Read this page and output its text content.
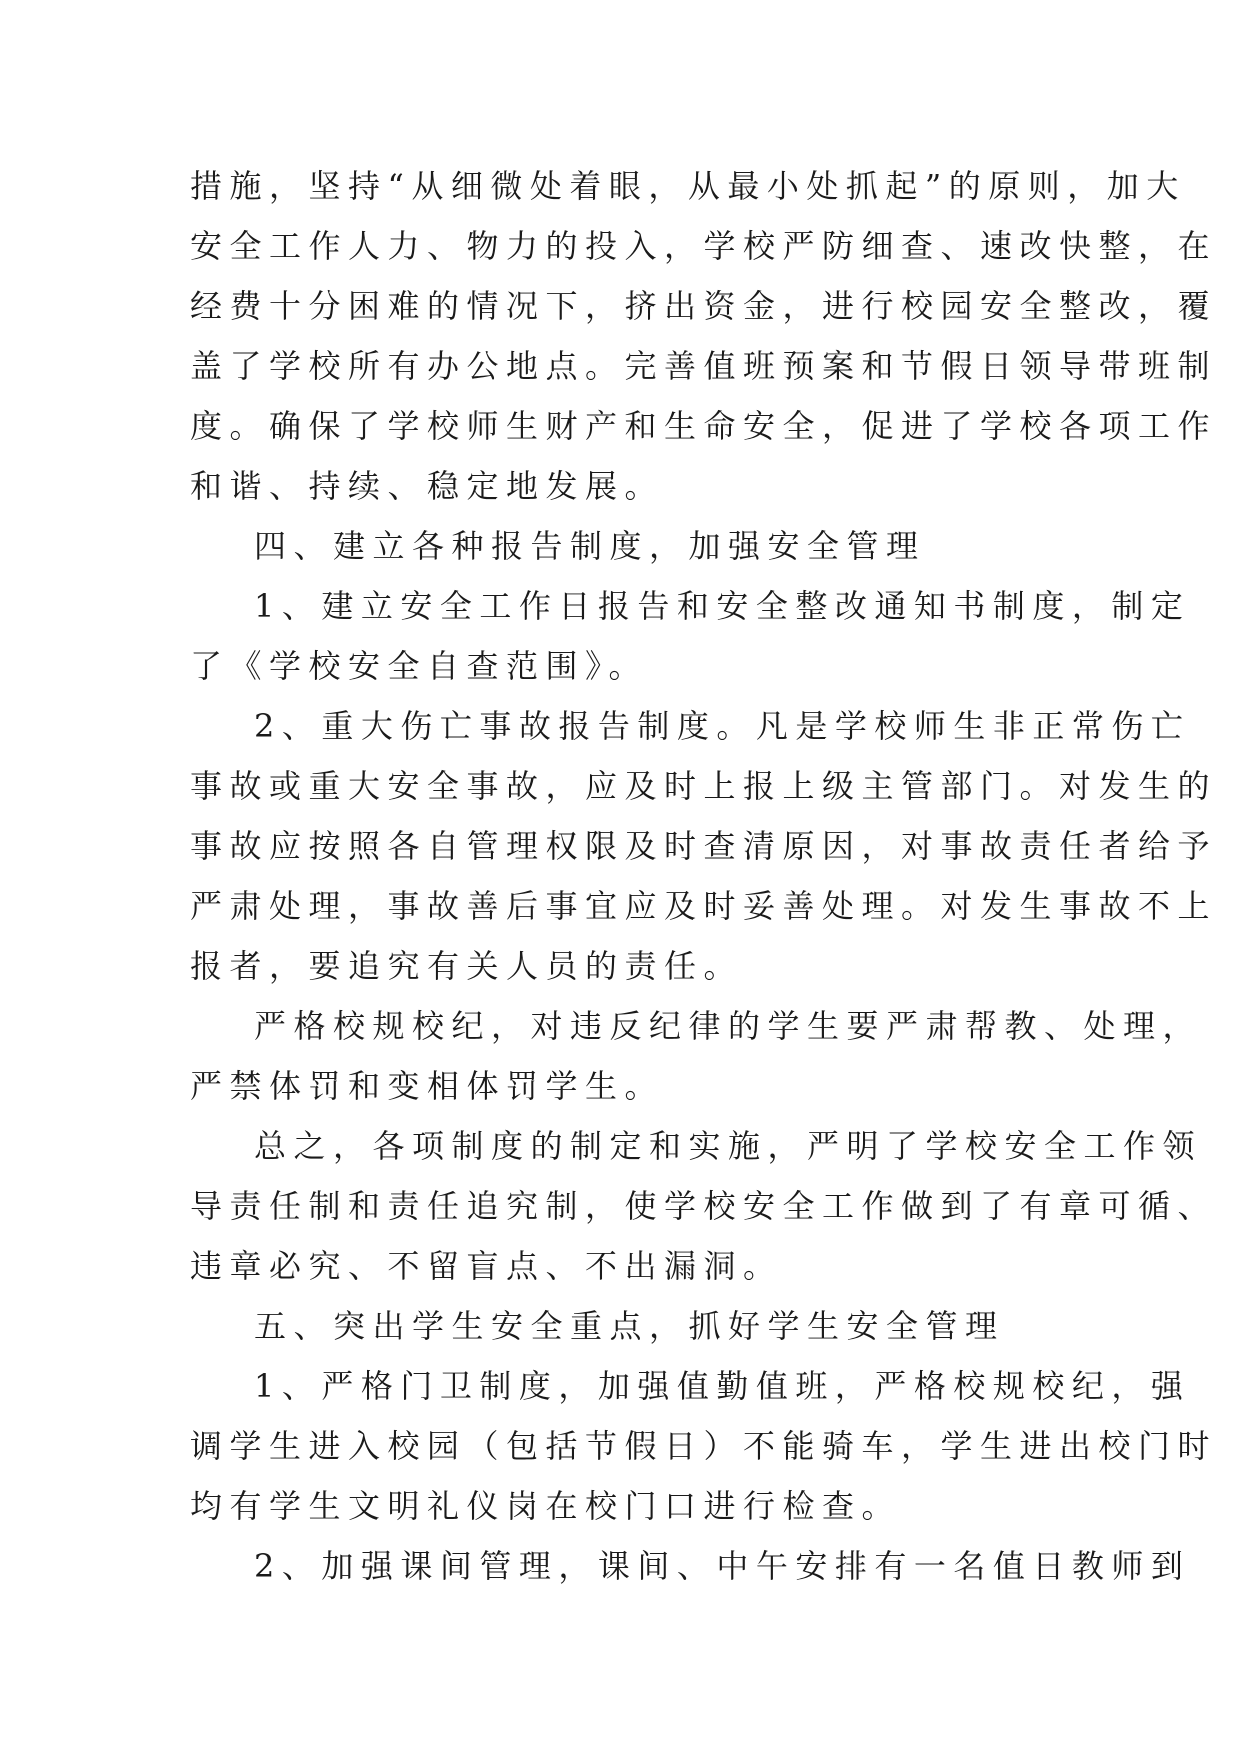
措施，坚持“从细微处着眼，从最小处抓起”的原则，加大
安全工作人力、物力的投入，学校严防细查、速改快整，在
经费十分困难的情况下，挤出资金，进行校园安全整改，覆
盖了学校所有办公地点。完善值班预案和节假日领导带班制
度。确保了学校师生财产和生命安全，促进了学校各项工作
和谐、持续、稳定地发展。
四、建立各种报告制度，加强安全管理
1、建立安全工作日报告和安全整改通知书制度，制定
了《学校安全自查范围》。
2、重大伤亡事故报告制度。凡是学校师生非正常伤亡
事故或重大安全事故，应及时上报上级主管部门。对发生的
事故应按照各自管理权限及时查清原因，对事故责任者给予
严肃处理，事故善后事宜应及时妥善处理。对发生事故不上
报者，要追究有关人员的责任。
严格校规校纪，对违反纪律的学生要严肃帮教、处理，
严禁体罚和变相体罚学生。
总之，各项制度的制定和实施，严明了学校安全工作领
导责任制和责任追究制，使学校安全工作做到了有章可循、
违章必究、不留盲点、不出漏洞。
五、突出学生安全重点，抓好学生安全管理
1、严格门卫制度，加强值勤值班，严格校规校纪，强
调学生进入校园（包括节假日）不能骑车，学生进出校门时
均有学生文明礼仪岗在校门口进行检查。
2、加强课间管理，课间、中午安排有一名值日教师到
